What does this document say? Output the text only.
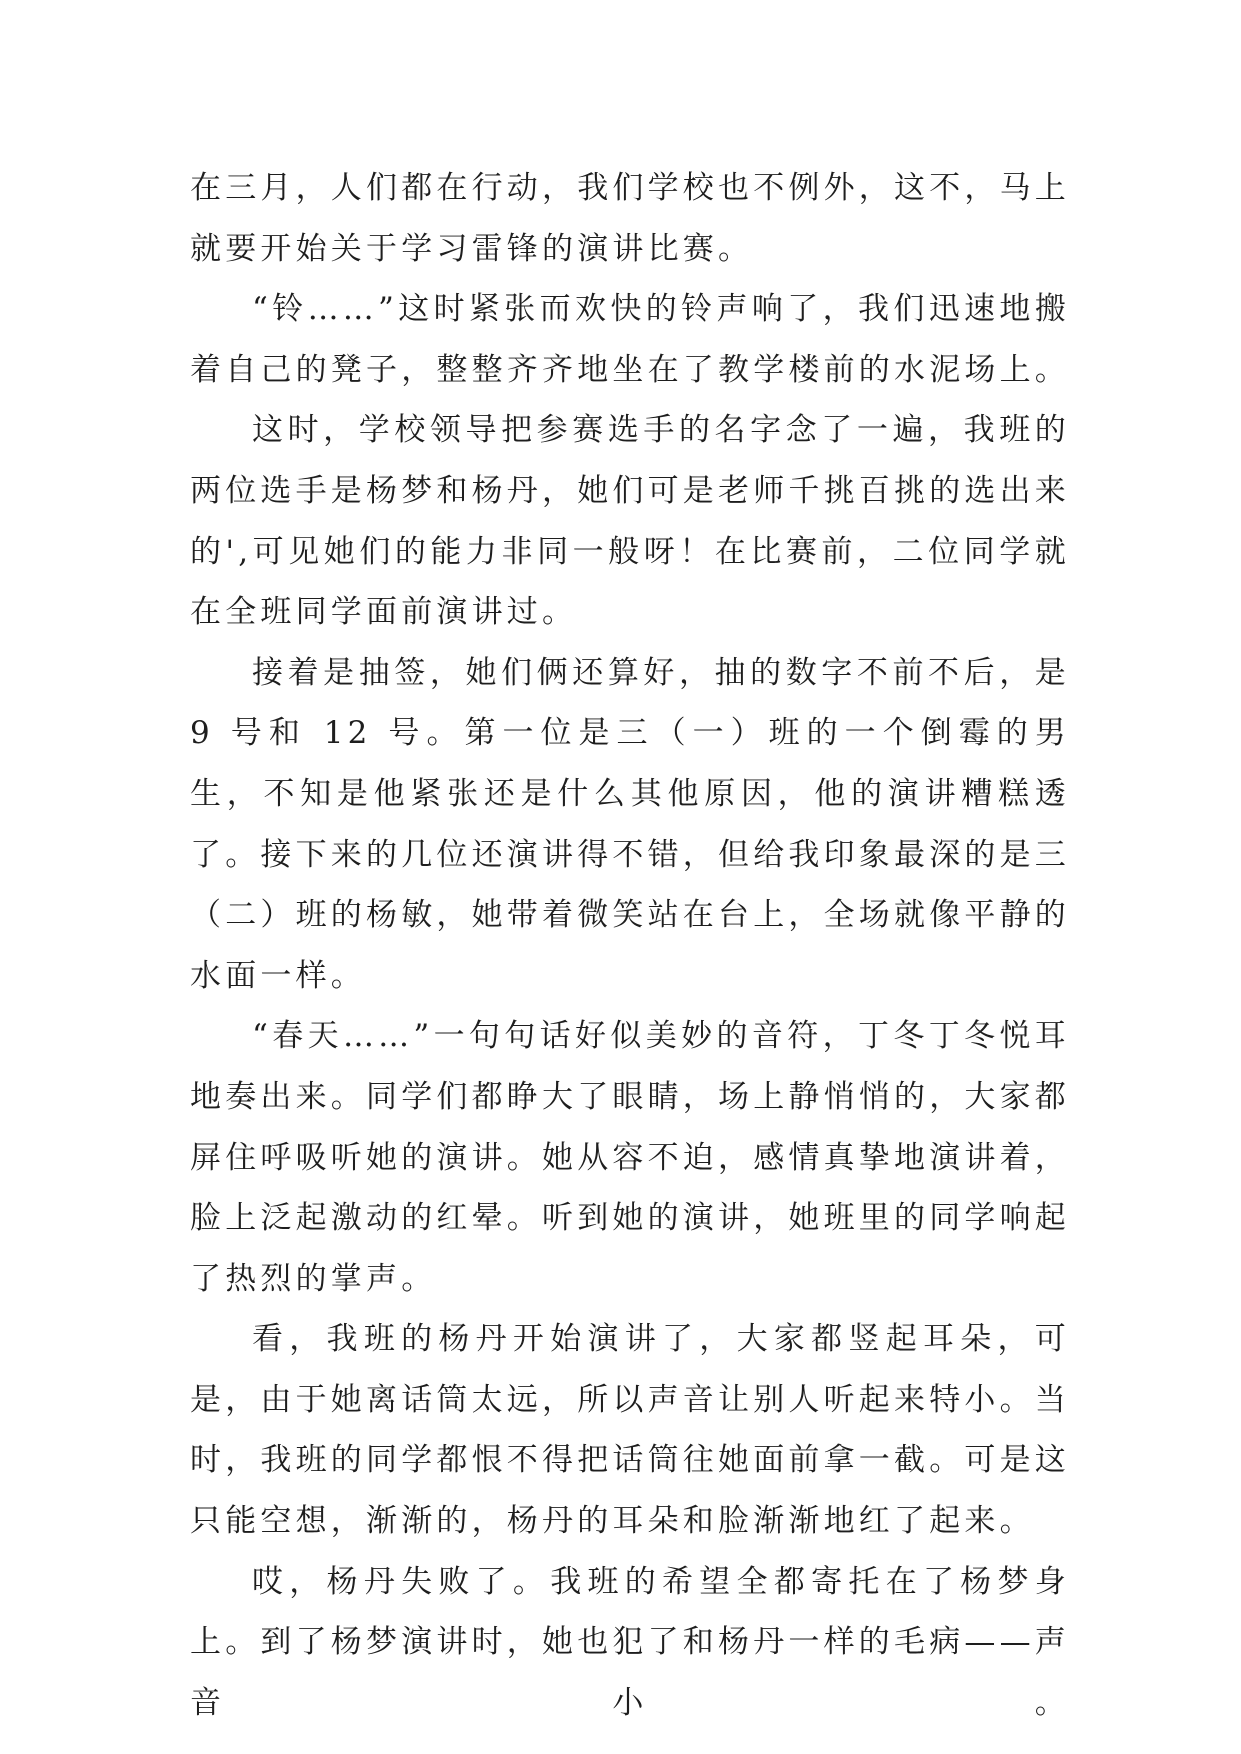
在三月，人们都在行动，我们学校也不例外，这不，马上就要开始关于学习雷锋的演讲比赛。

“铃……”这时紧张而欢快的铃声响了，我们迅速地搬着自己的凳子，整整齐齐地坐在了教学楼前的水泥场上。

这时，学校领导把参赛选手的名字念了一遍，我班的两位选手是杨梦和杨丹，她们可是老师千挑百挑的选出来的',可见她们的能力非同一般呀！在比赛前，二位同学就在全班同学面前演讲过。

接着是抽签，她们俩还算好，抽的数字不前不后，是 9 号和 12 号。第一位是三（一）班的一个倒霉的男生，不知是他紧张还是什么其他原因，他的演讲糟糕透了。接下来的几位还演讲得不错，但给我印象最深的是三（二）班的杨敏，她带着微笑站在台上，全场就像平静的水面一样。

“春天……”一句句话好似美妙的音符，丁冬丁冬悦耳地奏出来。同学们都睁大了眼睛，场上静悄悄的，大家都屏住呼吸听她的演讲。她从容不迫，感情真挚地演讲着，脸上泛起激动的红晕。听到她的演讲，她班里的同学响起了热烈的掌声。

看，我班的杨丹开始演讲了，大家都竖起耳朵，可是，由于她离话筒太远，所以声音让别人听起来特小。当时，我班的同学都恨不得把话筒往她面前拿一截。可是这只能空想，渐渐的，杨丹的耳朵和脸渐渐地红了起来。

哎，杨丹失败了。我班的希望全都寄托在了杨梦身上。到了杨梦演讲时，她也犯了和杨丹一样的毛病——声音小。
